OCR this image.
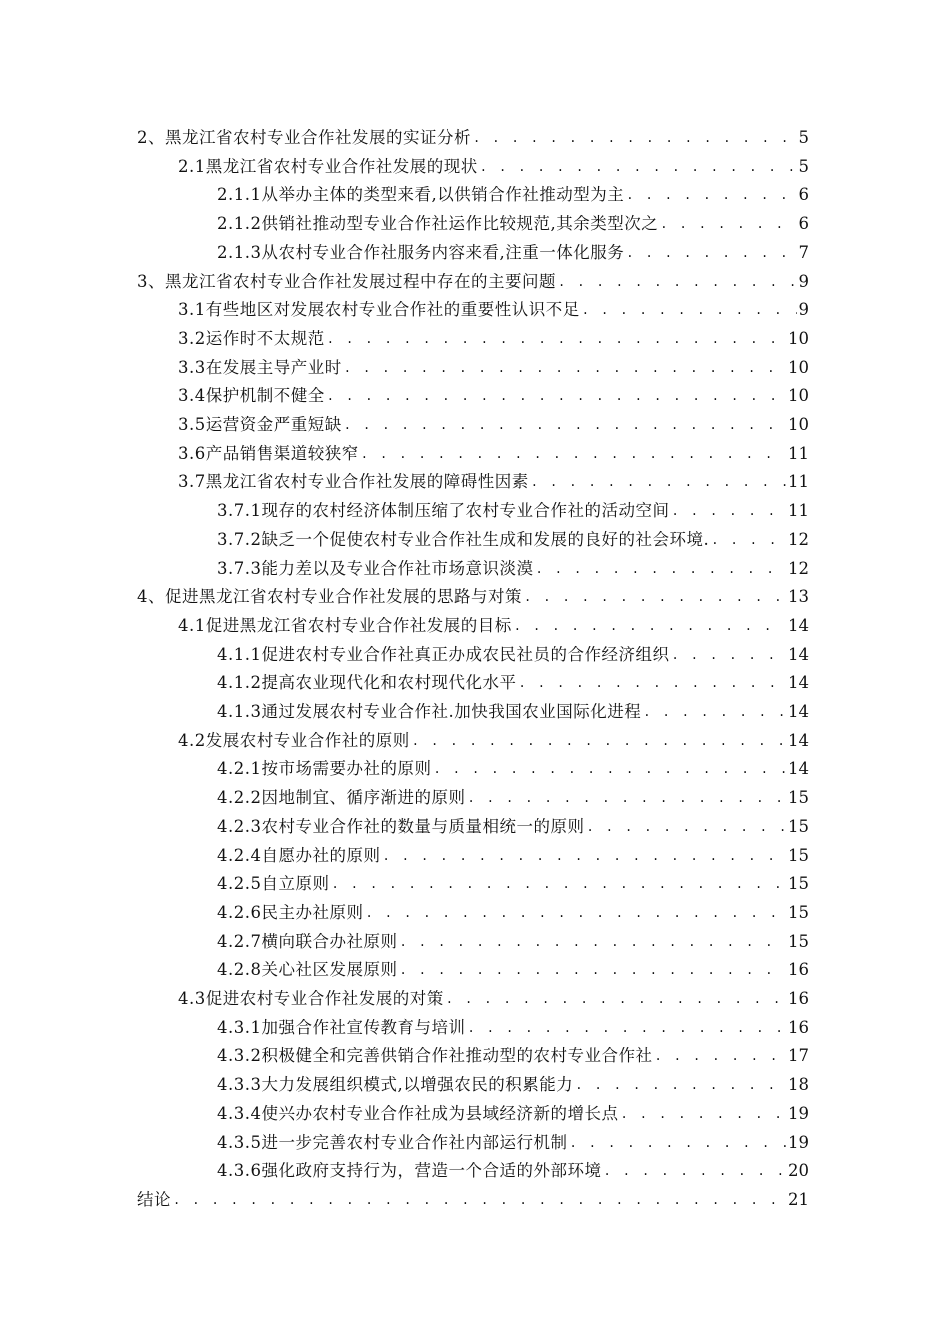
2、黑龙江省农村专业合作社发展的实证分析 . . .	5
2.1黑龙江省农村专业合作社发展的现状 . . .	5
2.1.1从举办主体的类型来看,以供销合作社推动型为主 . . .	6
2.1.2供销社推动型专业合作社运作比较规范,其余类型次之 . . .	6
2.1.3从农村专业合作社服务内容来看,注重一体化服务 . . .	7
3、黑龙江省农村专业合作社发展过程中存在的主要问题 . . .	9
3.1有些地区对发展农村专业合作社的重要性认识不足 . . .	9
3.2运作时不太规范 . . .	10
3.3在发展主导产业时 . . .	10
3.4保护机制不健全 . . .	10
3.5运营资金严重短缺 . . .	10
3.6产品销售渠道较狭窄 . . .	11
3.7黑龙江省农村专业合作社发展的障碍性因素 . . .	11
3.7.1现存的农村经济体制压缩了农村专业合作社的活动空间 . . .	11
3.7.2缺乏一个促使农村专业合作社生成和发展的良好的社会环境. . . .	12
3.7.3能力差以及专业合作社市场意识淡漠 . . .	12
4、促进黑龙江省农村专业合作社发展的思路与对策 . . .	13
4.1促进黑龙江省农村专业合作社发展的目标 . . .	14
4.1.1促进农村专业合作社真正办成农民社员的合作经济组织 . . .	14
4.1.2提高农业现代化和农村现代化水平 . . .	14
4.1.3通过发展农村专业合作社.加快我国农业国际化进程 . . .	14
4.2发展农村专业合作社的原则 . . .	14
4.2.1按市场需要办社的原则 . . .	14
4.2.2因地制宜、循序渐进的原则 . . .	15
4.2.3农村专业合作社的数量与质量相统一的原则 . . .	15
4.2.4自愿办社的原则 . . .	15
4.2.5自立原则 . . .	15
4.2.6民主办社原则 . . .	15
4.2.7横向联合办社原则 . . .	15
4.2.8关心社区发展原则 . . .	16
4.3促进农村专业合作社发展的对策 . . .	16
4.3.1加强合作社宣传教育与培训 . . .	16
4.3.2积极健全和完善供销合作社推动型的农村专业合作社 . . .	17
4.3.3大力发展组织模式,以增强农民的积累能力 . . .	18
4.3.4使兴办农村专业合作社成为县域经济新的增长点 . . .	19
4.3.5进一步完善农村专业合作社内部运行机制 . . .	19
4.3.6强化政府支持行为，营造一个合适的外部环境 . . .	20
结论 . . .	21
